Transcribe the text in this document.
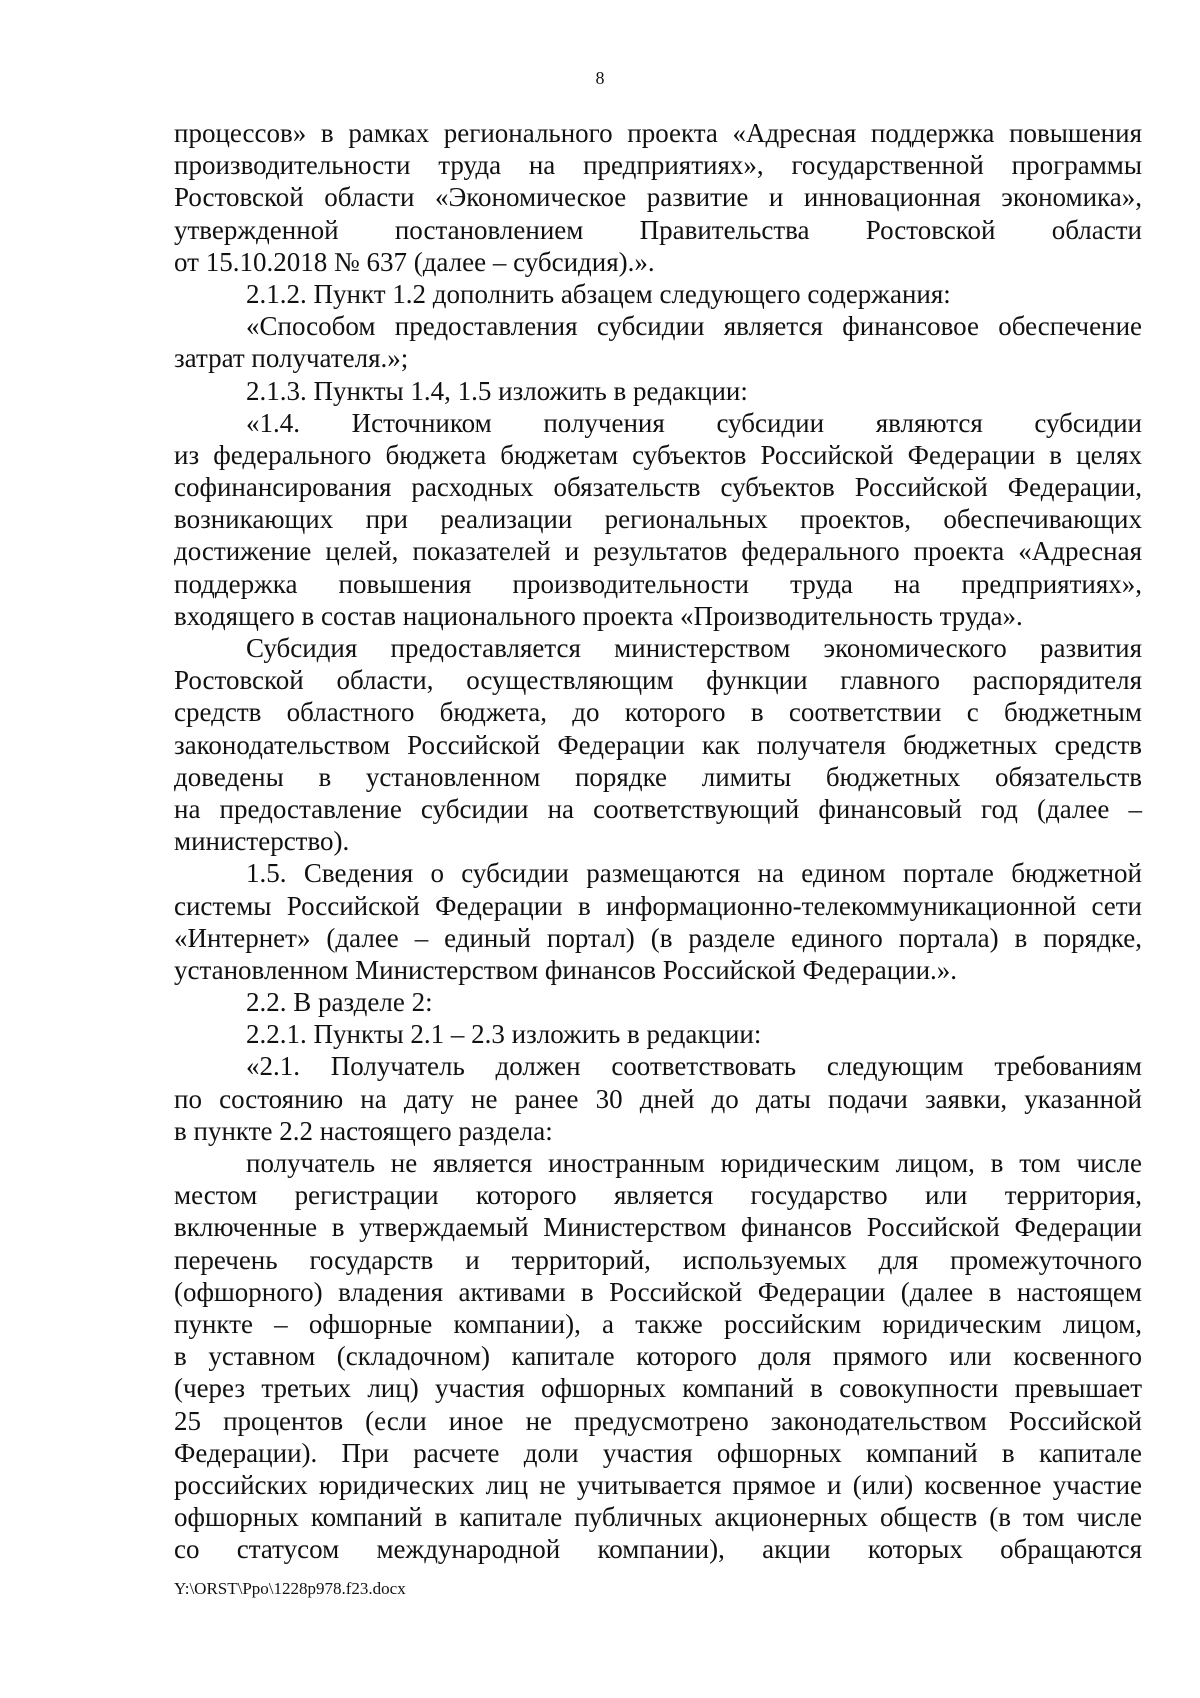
8
процессов» в рамках регионального проекта «Адресная поддержка повышения
производительности труда на предприятиях», государственной программы
Ростовской области «Экономическое развитие и инновационная экономика»,
утвержденной постановлением Правительства Ростовской области
от 15.10.2018 № 637 (далее – субсидия).».
2.1.2. Пункт 1.2 дополнить абзацем следующего содержания:
«Способом предоставления субсидии является финансовое обеспечение
затрат получателя.»;
2.1.3. Пункты 1.4, 1.5 изложить в редакции:
«1.4. Источником получения субсидии являются субсидии
из федерального бюджета бюджетам субъектов Российской Федерации в целях
софинансирования расходных обязательств субъектов Российской Федерации,
возникающих при реализации региональных проектов, обеспечивающих
достижение целей, показателей и результатов федерального проекта «Адресная
поддержка повышения производительности труда на предприятиях»,
входящего в состав национального проекта «Производительность труда».
Субсидия предоставляется министерством экономического развития
Ростовской области, осуществляющим функции главного распорядителя
средств областного бюджета, до которого в соответствии с бюджетным
законодательством Российской Федерации как получателя бюджетных средств
доведены в установленном порядке лимиты бюджетных обязательств
на предоставление субсидии на соответствующий финансовый год (далее –
министерство).
1.5. Сведения о субсидии размещаются на едином портале бюджетной
системы Российской Федерации в информационно-телекоммуникационной сети
«Интернет» (далее – единый портал) (в разделе единого портала) в порядке,
установленном Министерством финансов Российской Федерации.».
2.2. В разделе 2:
2.2.1. Пункты 2.1 – 2.3 изложить в редакции:
«2.1. Получатель должен соответствовать следующим требованиям
по состоянию на дату не ранее 30 дней до даты подачи заявки, указанной
в пункте 2.2 настоящего раздела:
получатель не является иностранным юридическим лицом, в том числе
местом регистрации которого является государство или территория,
включенные в утверждаемый Министерством финансов Российской Федерации
перечень государств и территорий, используемых для промежуточного
(офшорного) владения активами в Российской Федерации (далее в настоящем
пункте – офшорные компании), а также российским юридическим лицом,
в уставном (складочном) капитале которого доля прямого или косвенного
(через третьих лиц) участия офшорных компаний в совокупности превышает
25 процентов (если иное не предусмотрено законодательством Российской
Федерации). При расчете доли участия офшорных компаний в капитале
российских юридических лиц не учитывается прямое и (или) косвенное участие
офшорных компаний в капитале публичных акционерных обществ (в том числе
со статусом международной компании), акции которых обращаются
Y:\ORST\Ppo\1228p978.f23.docx
